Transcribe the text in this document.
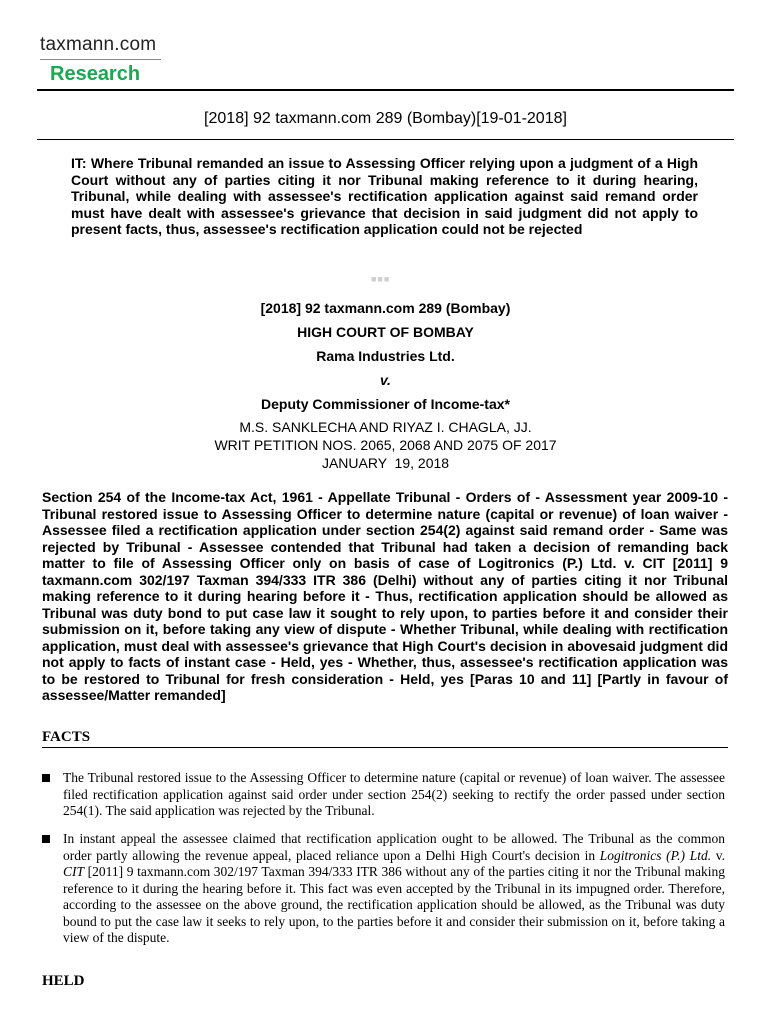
taxmann.com
Research
[2018] 92 taxmann.com 289 (Bombay)[19-01-2018]
IT: Where Tribunal remanded an issue to Assessing Officer relying upon a judgment of a High Court without any of parties citing it nor Tribunal making reference to it during hearing, Tribunal, while dealing with assessee's rectification application against said remand order must have dealt with assessee's grievance that decision in said judgment did not apply to present facts, thus, assessee's rectification application could not be rejected
■■■
[2018] 92 taxmann.com 289 (Bombay)
HIGH COURT OF BOMBAY
Rama Industries Ltd.
v.
Deputy Commissioner of Income-tax*
M.S. SANKLECHA AND RIYAZ I. CHAGLA, JJ.
WRIT PETITION NOS. 2065, 2068 AND 2075 OF 2017
JANUARY  19, 2018
Section 254 of the Income-tax Act, 1961 - Appellate Tribunal - Orders of - Assessment year 2009-10 - Tribunal restored issue to Assessing Officer to determine nature (capital or revenue) of loan waiver - Assessee filed a rectification application under section 254(2) against said remand order - Same was rejected by Tribunal - Assessee contended that Tribunal had taken a decision of remanding back matter to file of Assessing Officer only on basis of case of Logitronics (P.) Ltd. v. CIT [2011] 9 taxmann.com 302/197 Taxman 394/333 ITR 386 (Delhi) without any of parties citing it nor Tribunal making reference to it during hearing before it - Thus, rectification application should be allowed as Tribunal was duty bond to put case law it sought to rely upon, to parties before it and consider their submission on it, before taking any view of dispute - Whether Tribunal, while dealing with rectification application, must deal with assessee's grievance that High Court's decision in abovesaid judgment did not apply to facts of instant case - Held, yes - Whether, thus, assessee's rectification application was to be restored to Tribunal for fresh consideration - Held, yes [Paras 10 and 11] [Partly in favour of assessee/Matter remanded]
FACTS
The Tribunal restored issue to the Assessing Officer to determine nature (capital or revenue) of loan waiver. The assessee filed rectification application against said order under section 254(2) seeking to rectify the order passed under section 254(1). The said application was rejected by the Tribunal.
In instant appeal the assessee claimed that rectification application ought to be allowed. The Tribunal as the common order partly allowing the revenue appeal, placed reliance upon a Delhi High Court's decision in Logitronics (P.) Ltd. v. CIT [2011] 9 taxmann.com 302/197 Taxman 394/333 ITR 386 without any of the parties citing it nor the Tribunal making reference to it during the hearing before it. This fact was even accepted by the Tribunal in its impugned order. Therefore, according to the assessee on the above ground, the rectification application should be allowed, as the Tribunal was duty bound to put the case law it seeks to rely upon, to the parties before it and consider their submission on it, before taking a view of the dispute.
HELD
